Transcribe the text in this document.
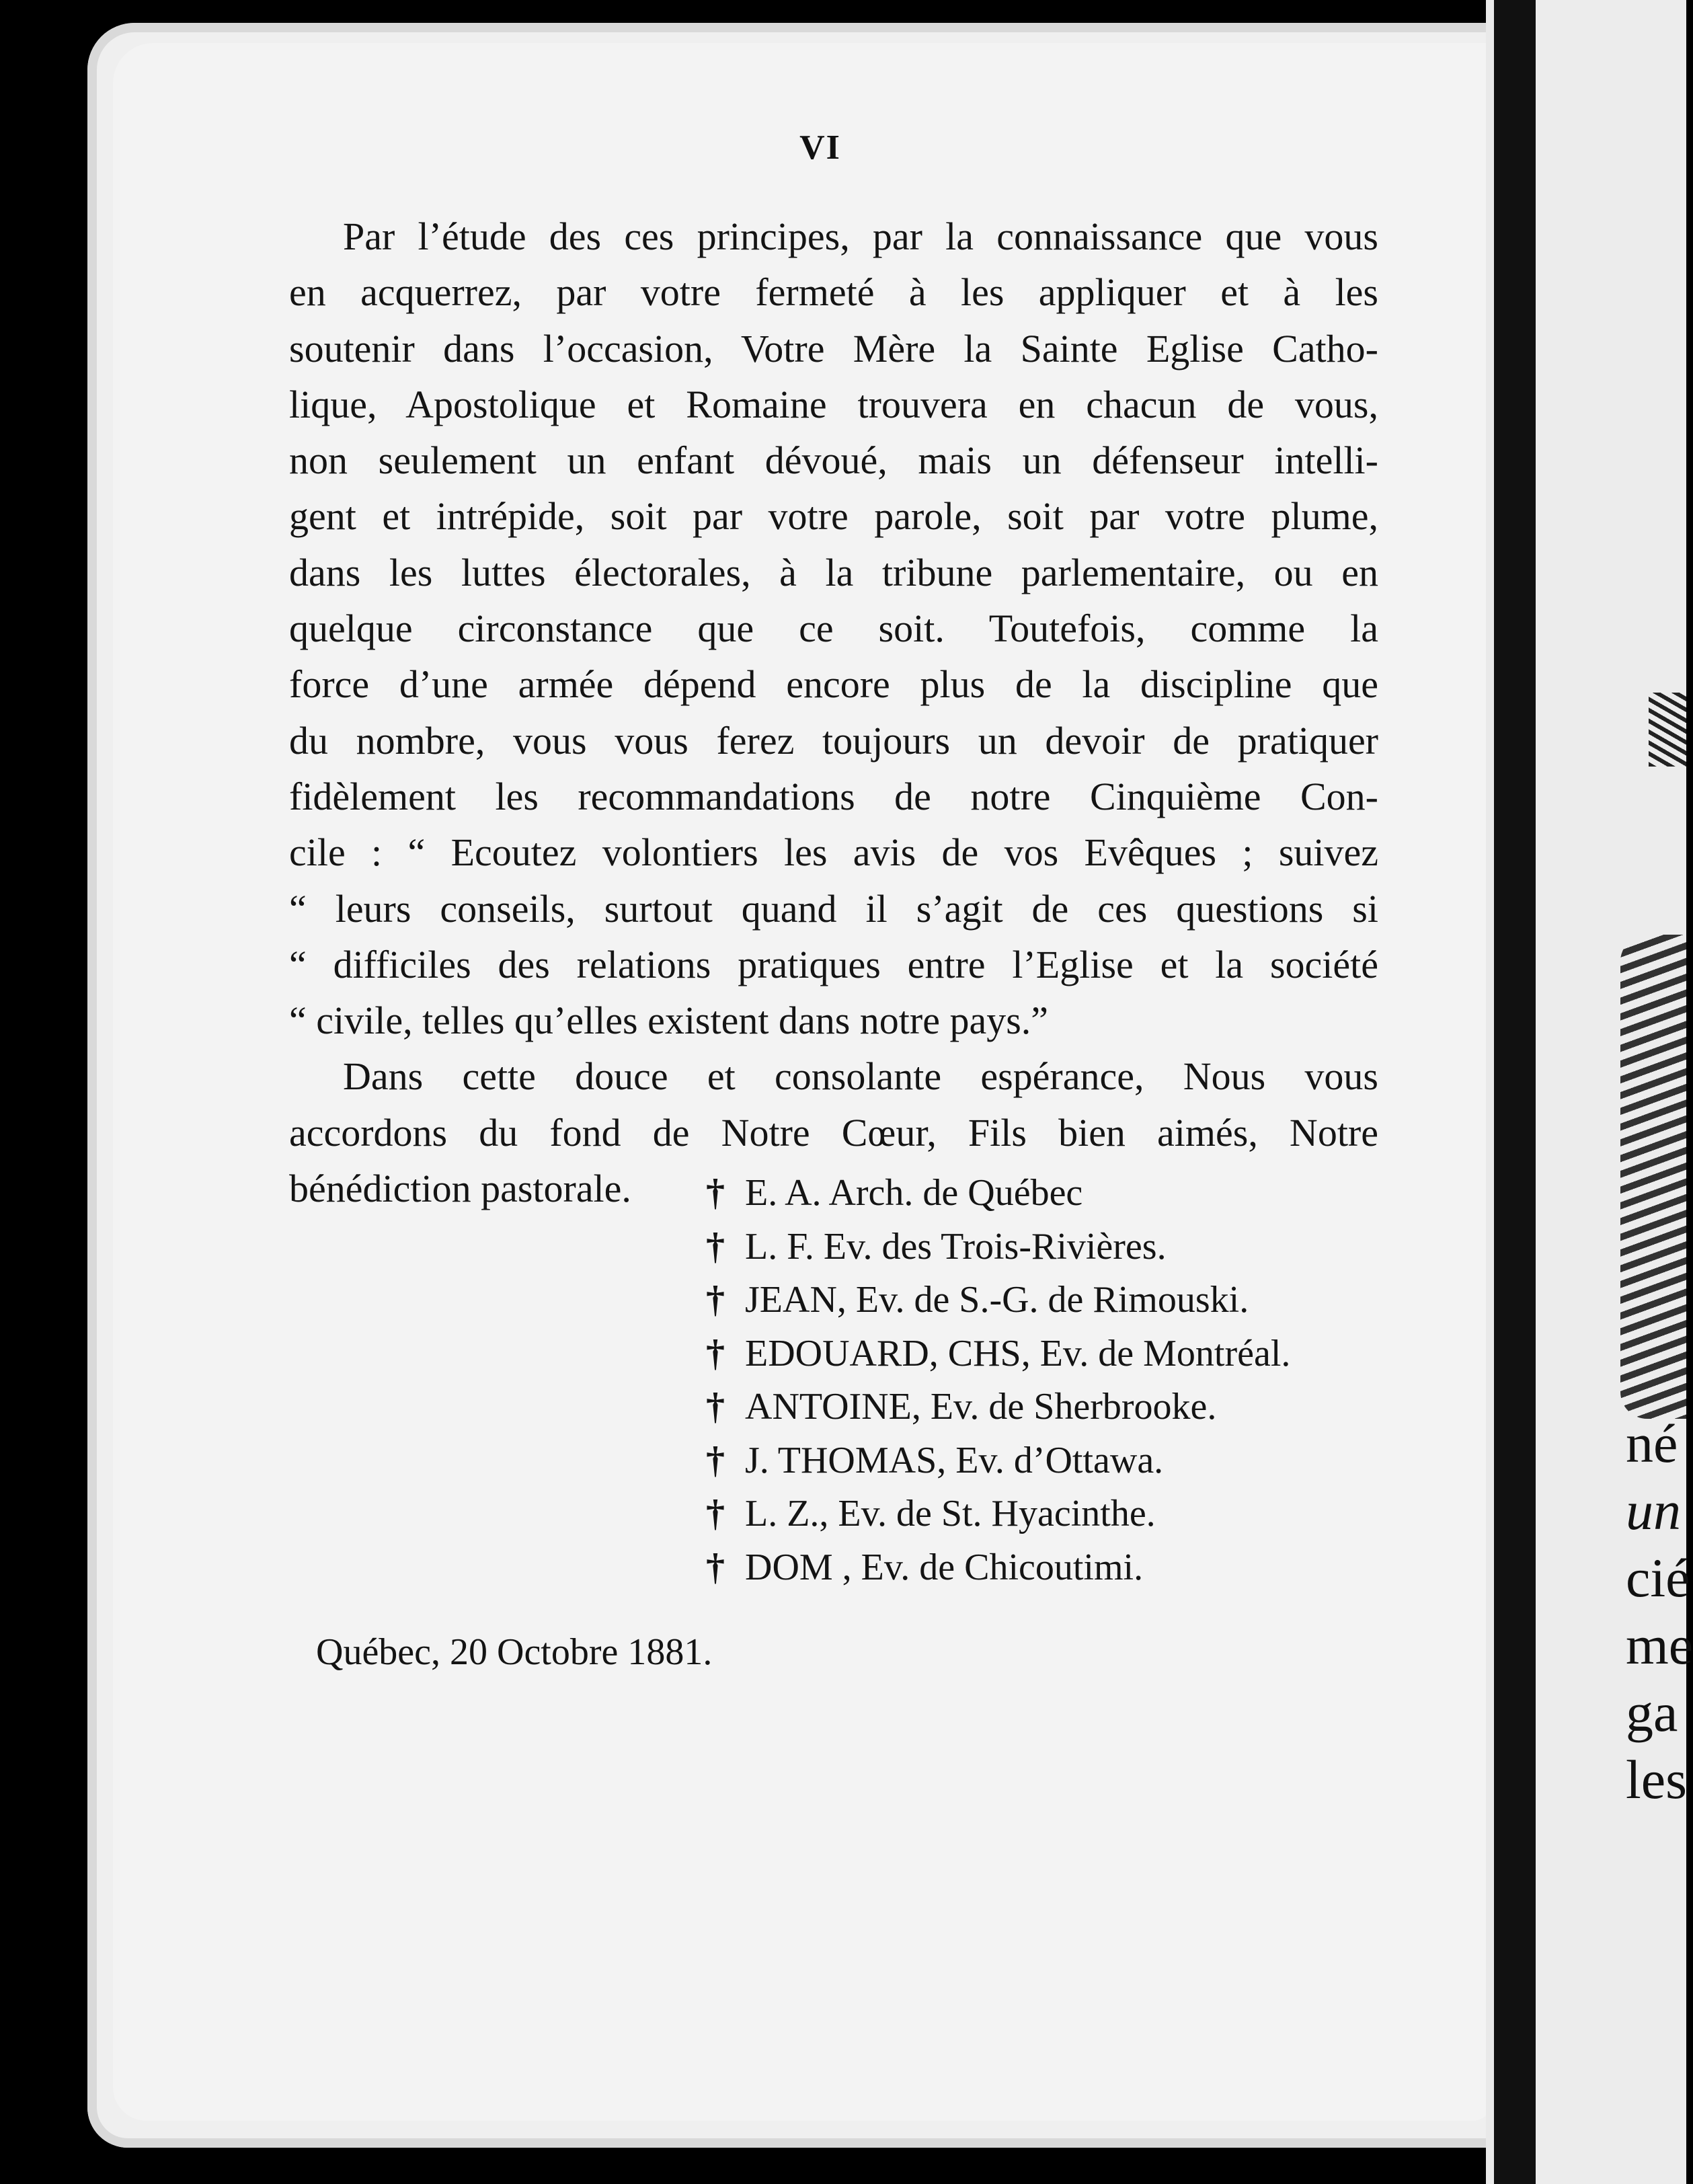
né
un
cié
me
ga
les
VI
Par l’étude des ces principes, par la connaissance que vous
en acquerrez, par votre fermeté à les appliquer et à les
soutenir dans l’occasion, Votre Mère la Sainte Eglise Catho-
lique, Apostolique et Romaine trouvera en chacun de vous,
non seulement un enfant dévoué, mais un défenseur intelli-
gent et intrépide, soit par votre parole, soit par votre plume,
dans les luttes électorales, à la tribune parlementaire, ou en
quelque circonstance que ce soit. Toutefois, comme la
force d’une armée dépend encore plus de la discipline que
du nombre, vous vous ferez toujours un devoir de pratiquer
fidèlement les recommandations de notre Cinquième Con-
cile : “ Ecoutez volontiers les avis de vos Evêques ; suivez
“ leurs conseils, surtout quand il s’agit de ces questions si
“ difficiles des relations pratiques entre l’Eglise et la société
“ civile, telles qu’elles existent dans notre pays.”
Dans cette douce et consolante espérance, Nous vous
accordons du fond de Notre Cœur, Fils bien aimés, Notre
bénédiction pastorale.	† E. A. Arch. de Québec
† L. F. Ev. des Trois-Rivières.
† JEAN, Ev. de S.-G. de Rimouski.
† EDOUARD, CHS, Ev. de Montréal.
† ANTOINE, Ev. de Sherbrooke.
† J. THOMAS, Ev. d’Ottawa.
† L. Z., Ev. de St. Hyacinthe.
† DOM , Ev. de Chicoutimi.
Québec, 20 Octobre 1881.
